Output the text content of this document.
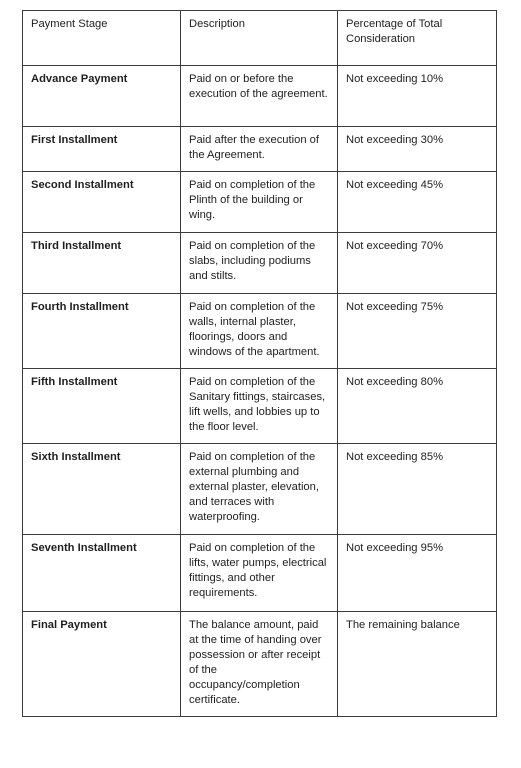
Payment Stage	Description	Percentage of Total Consideration
Advance Payment	Paid on or before the execution of the agreement.	Not exceeding 10%
First Installment	Paid after the execution of the Agreement.	Not exceeding 30%
Second Installment	Paid on completion of the Plinth of the building or wing.	Not exceeding 45%
Third Installment	Paid on completion of the slabs, including podiums and stilts.	Not exceeding 70%
Fourth Installment	Paid on completion of the walls, internal plaster, floorings, doors and windows of the apartment.	Not exceeding 75%
Fifth Installment	Paid on completion of the Sanitary fittings, staircases, lift wells, and lobbies up to the floor level.	Not exceeding 80%
Sixth Installment	Paid on completion of the external plumbing and external plaster, elevation, and terraces with waterproofing.	Not exceeding 85%
Seventh Installment	Paid on completion of the lifts, water pumps, electrical fittings, and other requirements.	Not exceeding 95%
Final Payment	The balance amount, paid at the time of handing over possession or after receipt of the occupancy/completion certificate.	The remaining balance
